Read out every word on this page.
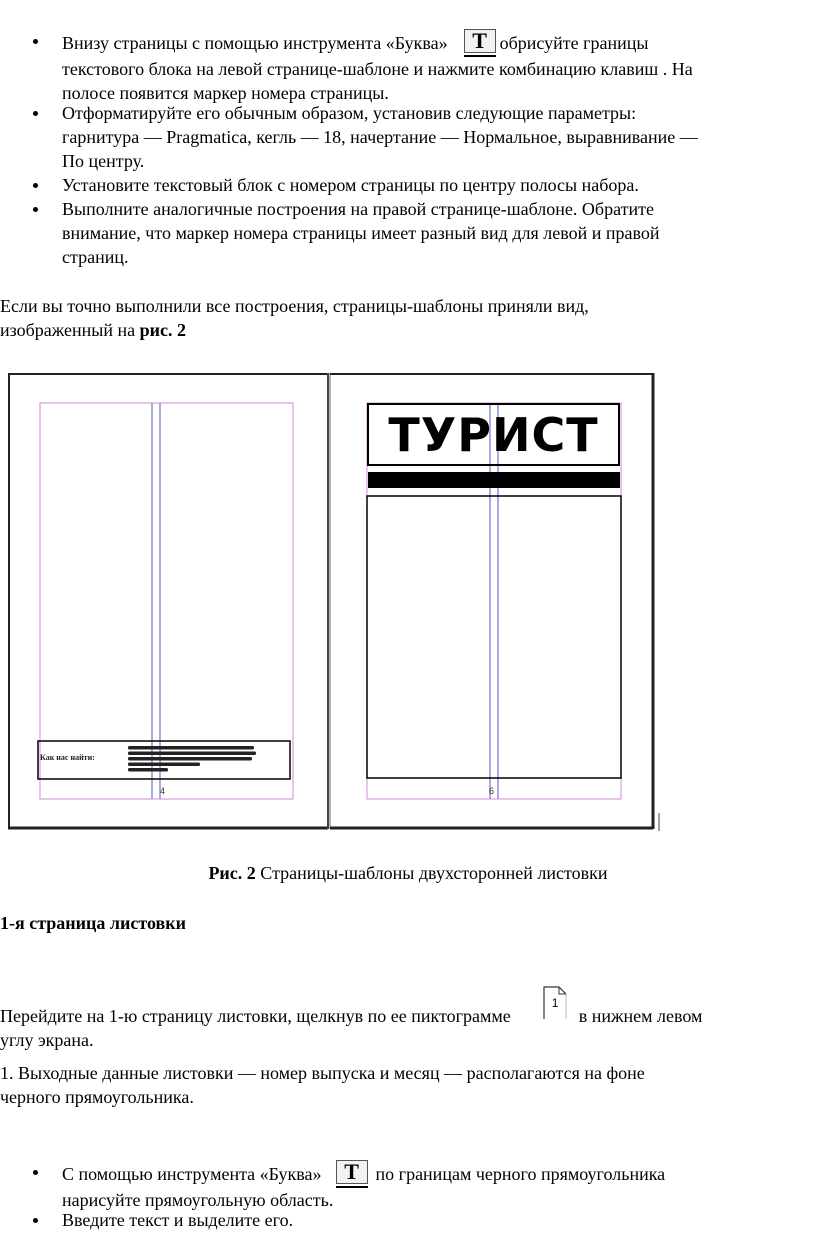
Внизу страницы с помощью инструмента «Буква»	T обрисуйте границы
текстового блока на левой странице-шаблоне и нажмите комбинацию клавиш . На
полосе появится маркер номера страницы.
Отформатируйте его обычным образом, установив следующие параметры:
гарнитура — Pragmatica, кегль — 18, начертание — Нормальное, выравнивание —
По центру.
Установите текстовый блок с номером страницы по центру полосы набора.
Выполните аналогичные построения на правой странице-шаблоне. Обратите
внимание, что маркер номера страницы имеет разный вид для левой и правой
страниц.

Если вы точно выполнили все построения, страницы-шаблоны приняли вид,
изображенный на рис. 2

Как нас найти:
4
ТУРИСТ
6
Рис. 2 Страницы-шаблоны двухсторонней листовки
1-я страница листовки

Перейдите на 1-ю страницу листовки, щелкнув по ее пиктограмме
1
в нижнем левом
углу экрана.

1. Выходные данные листовки — номер выпуска и месяц — располагаются на фоне
черного прямоугольника.

С помощью инструмента «Буква»	T по границам черного прямоугольника
нарисуйте прямоугольную область.
Введите текст и выделите его.
